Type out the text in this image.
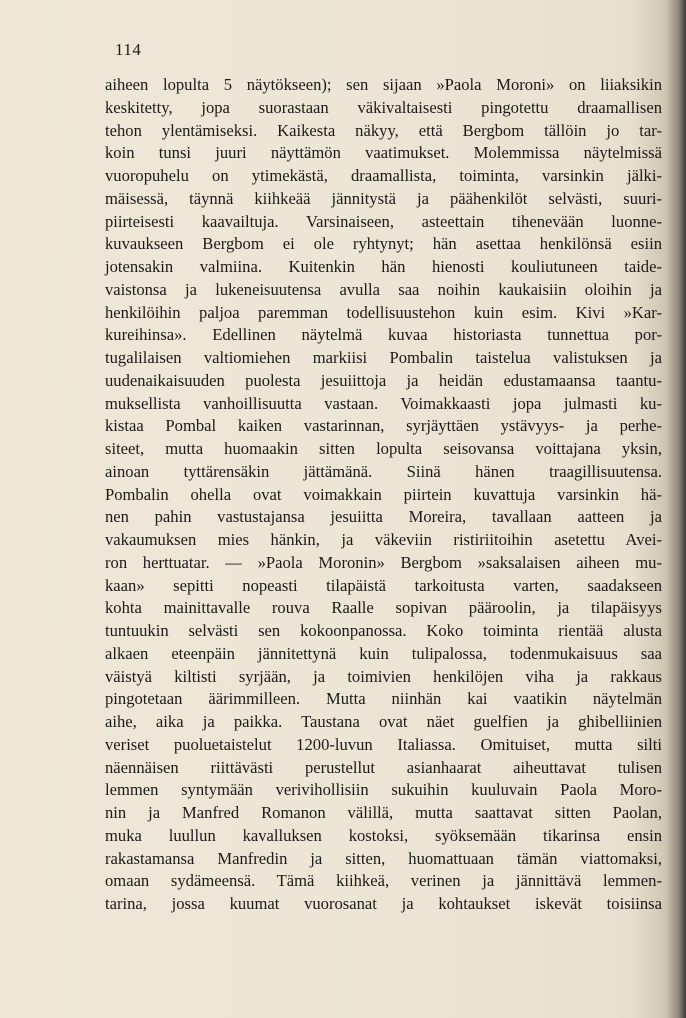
114
aiheen lopulta 5 näytökseen); sen sijaan »Paola Moroni» on liiaksikin
keskitetty, jopa suorastaan väkivaltaisesti pingotettu draamallisen
tehon ylentämiseksi. Kaikesta näkyy, että Bergbom tällöin jo tar-
koin tunsi juuri näyttämön vaatimukset. Molemmissa näytelmissä
vuoropuhelu on ytimekästä, draamallista, toiminta, varsinkin jälki-
mäisessä, täynnä kiihkeää jännitystä ja päähenkilöt selvästi, suuri-
piirteisesti kaavailtuja. Varsinaiseen, asteettain tihenevään luonne-
kuvaukseen Bergbom ei ole ryhtynyt; hän asettaa henkilönsä esiin
jotensakin valmiina. Kuitenkin hän hienosti kouliutuneen taide-
vaistonsa ja lukeneisuutensa avulla saa noihin kaukaisiin oloihin ja
henkilöihin paljoa paremman todellisuustehon kuin esim. Kivi »Kar-
kureihinsa». Edellinen näytelmä kuvaa historiasta tunnettua por-
tugalilaisen valtiomiehen markiisi Pombalin taistelua valistuksen ja
uudenaikaisuuden puolesta jesuiittoja ja heidän edustamaansa taantu-
muksellista vanhoillisuutta vastaan. Voimakkaasti jopa julmasti ku-
kistaa Pombal kaiken vastarinnan, syrjäyttäen ystävyys- ja perhe-
siteet, mutta huomaakin sitten lopulta seisovansa voittajana yksin,
ainoan tyttärensäkin jättämänä. Siinä hänen traagillisuutensa.
Pombalin ohella ovat voimakkain piirtein kuvattuja varsinkin hä-
nen pahin vastustajansa jesuiitta Moreira, tavallaan aatteen ja
vakaumuksen mies hänkin, ja väkeviin ristiriitoihin asetettu Avei-
ron herttuatar. — »Paola Moronin» Bergbom »saksalaisen aiheen mu-
kaan» sepitti nopeasti tilapäistä tarkoitusta varten, saadakseen
kohta mainittavalle rouva Raalle sopivan pääroolin, ja tilapäisyys
tuntuukin selvästi sen kokoonpanossa. Koko toiminta rientää alusta
alkaen eteenpäin jännitettynä kuin tulipalossa, todenmukaisuus saa
väistyä kiltisti syrjään, ja toimivien henkilöjen viha ja rakkaus
pingotetaan äärimmilleen. Mutta niinhän kai vaatikin näytelmän
aihe, aika ja paikka. Taustana ovat näet guelfien ja ghibelliinien
veriset puoluetaistelut 1200-luvun Italiassa. Omituiset, mutta silti
näennäisen riittävästi perustellut asianhaarat aiheuttavat tulisen
lemmen syntymään verivihollisiin sukuihin kuuluvain Paola Moro-
nin ja Manfred Romanon välillä, mutta saattavat sitten Paolan,
muka luullun kavalluksen kostoksi, syöksemään tikarinsa ensin
rakastamansa Manfredin ja sitten, huomattuaan tämän viattomaksi,
omaan sydämeensä. Tämä kiihkeä, verinen ja jännittävä lemmen-
tarina, jossa kuumat vuorosanat ja kohtaukset iskevät toisiinsa
